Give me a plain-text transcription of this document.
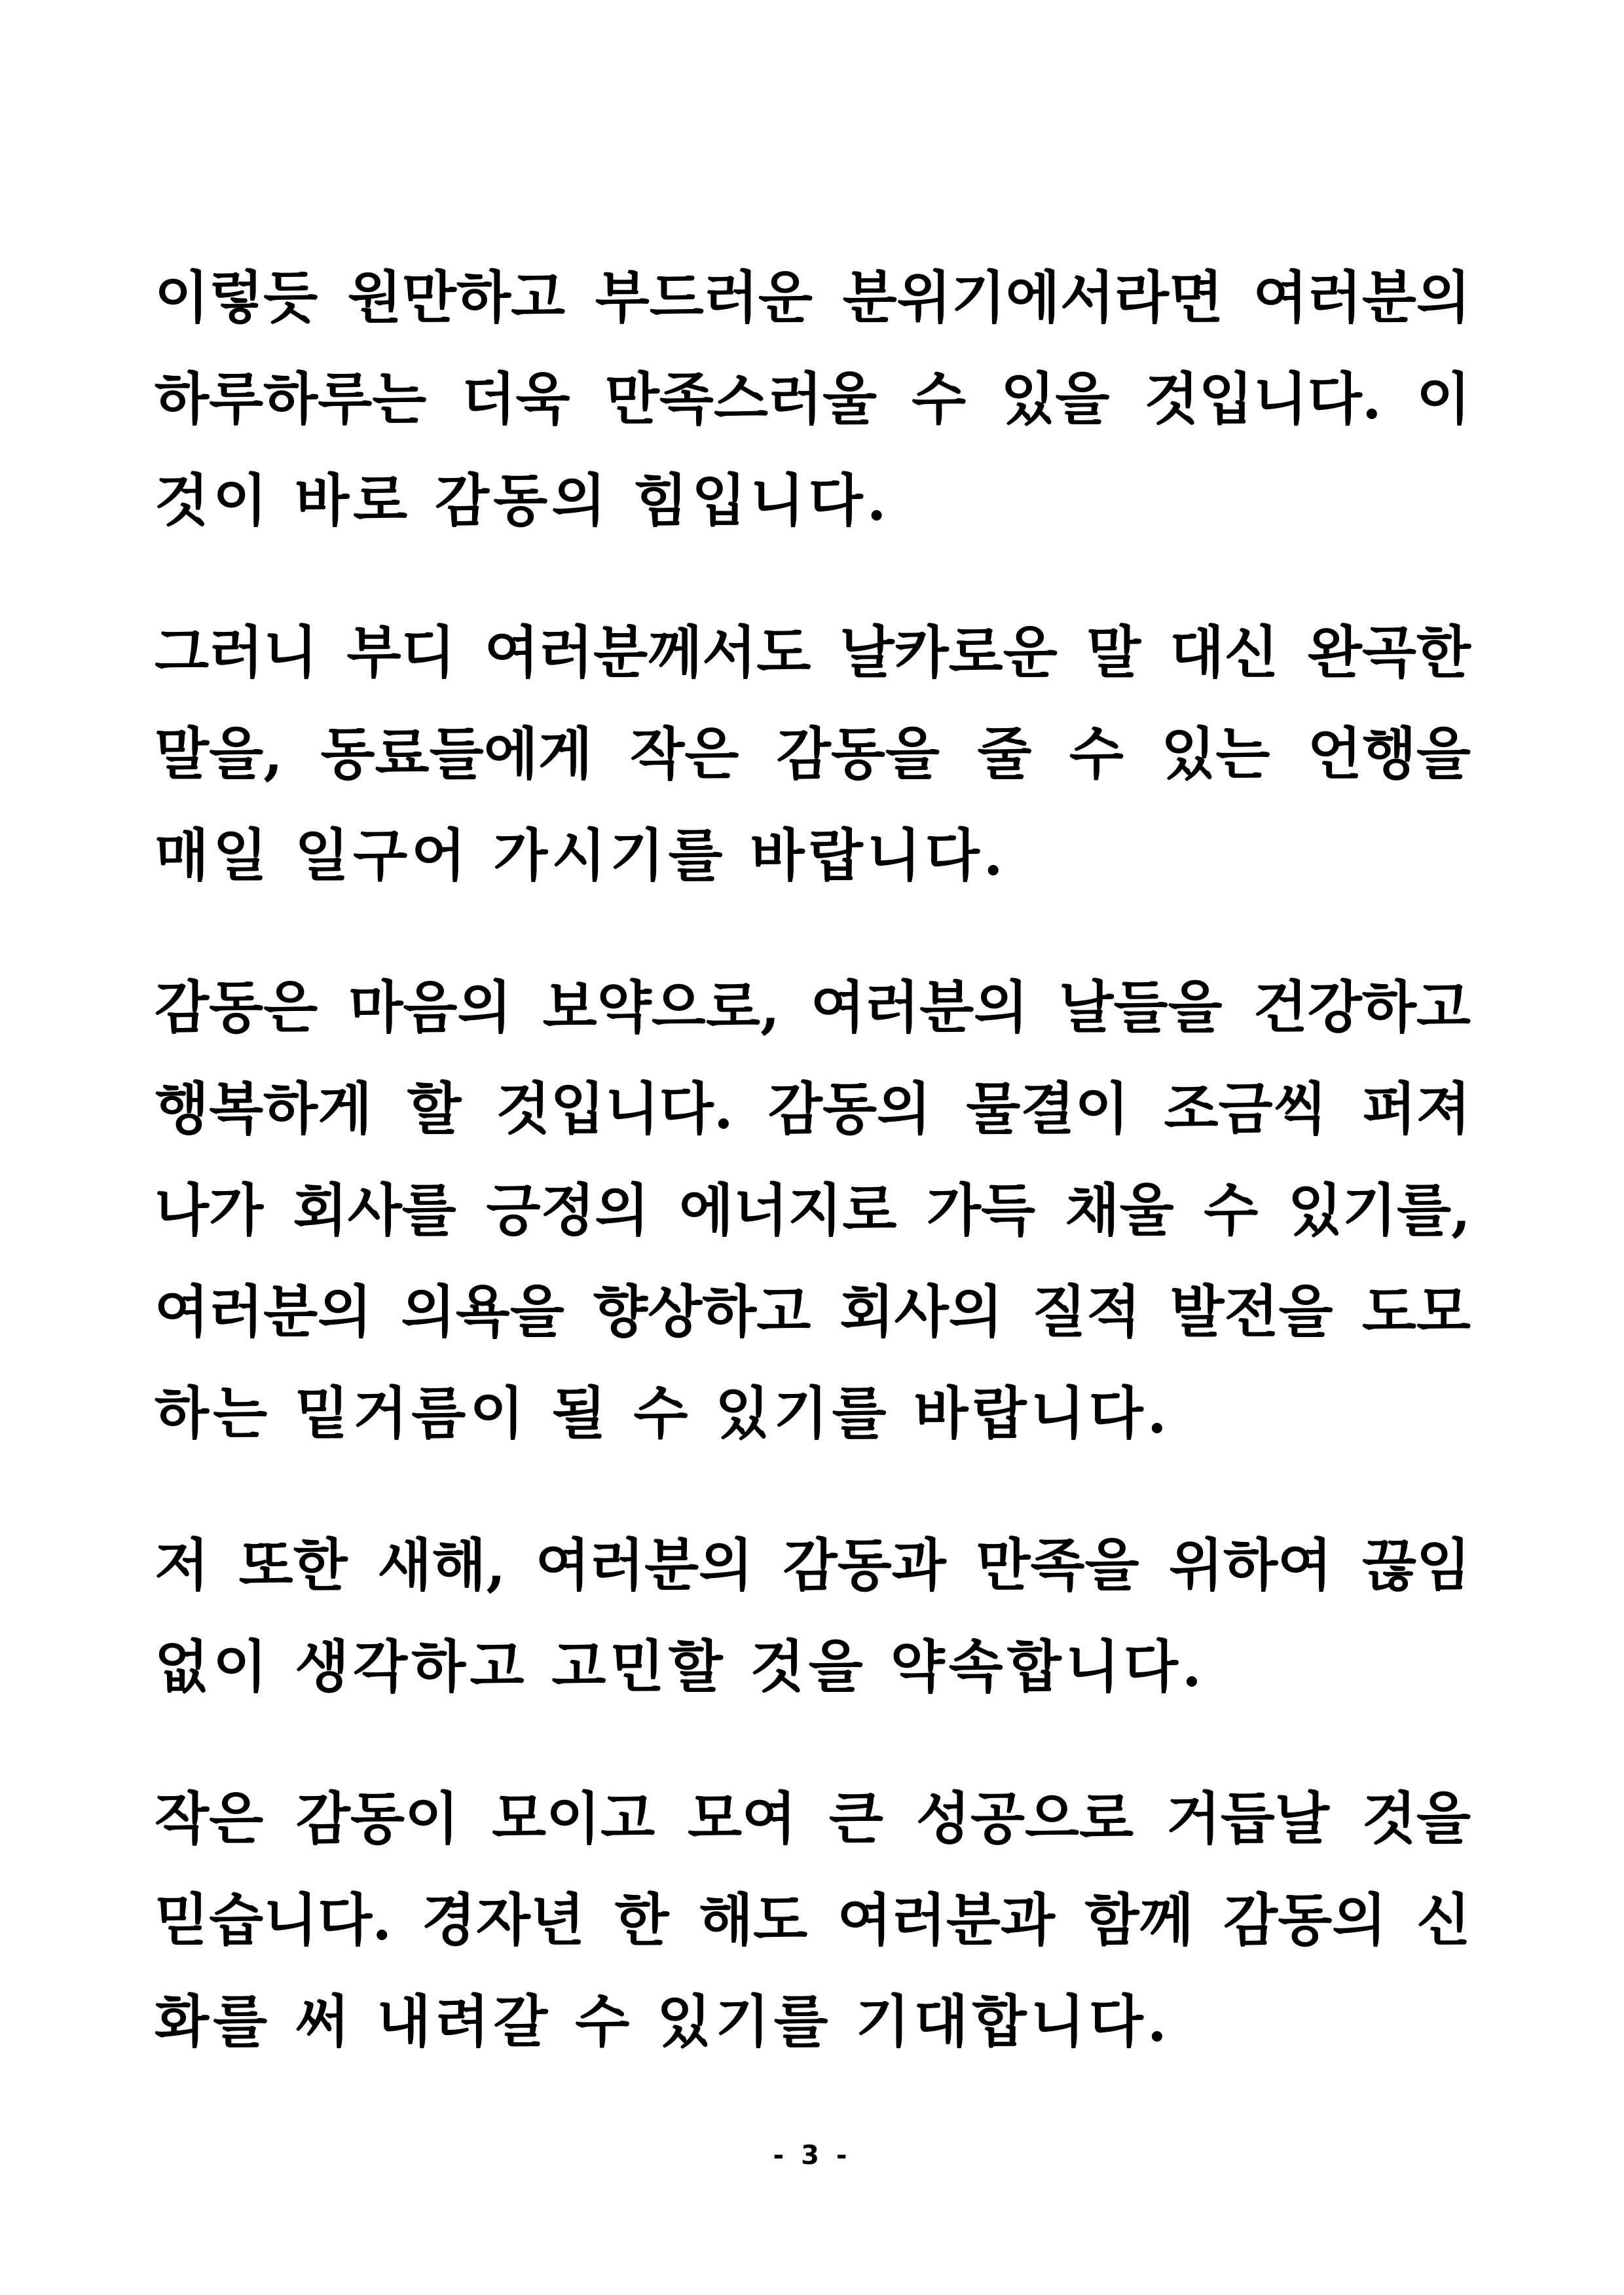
이렇듯 원만하고 부드러운 분위기에서라면 여러분의
하루하루는 더욱 만족스러울 수 있을 것입니다. 이
것이 바로 감동의 힘입니다.
그러니 부디 여러분께서도 날카로운 말 대신 완곡한
말을, 동료들에게 작은 감동을 줄 수 있는 언행을
매일 일구어 가시기를 바랍니다.
감동은 마음의 보약으로, 여러분의 날들을 건강하고
행복하게 할 것입니다. 감동의 물결이 조금씩 퍼져
나가 회사를 긍정의 에너지로 가득 채울 수 있기를,
여러분의 의욕을 향상하고 회사의 질적 발전을 도모
하는 밑거름이 될 수 있기를 바랍니다.
저 또한 새해, 여러분의 감동과 만족을 위하여 끊임
없이 생각하고 고민할 것을 약속합니다.
작은 감동이 모이고 모여 큰 성공으로 거듭날 것을
믿습니다. 경자년 한 해도 여러분과 함께 감동의 신
화를 써 내려갈 수 있기를 기대합니다.
- 3 -
